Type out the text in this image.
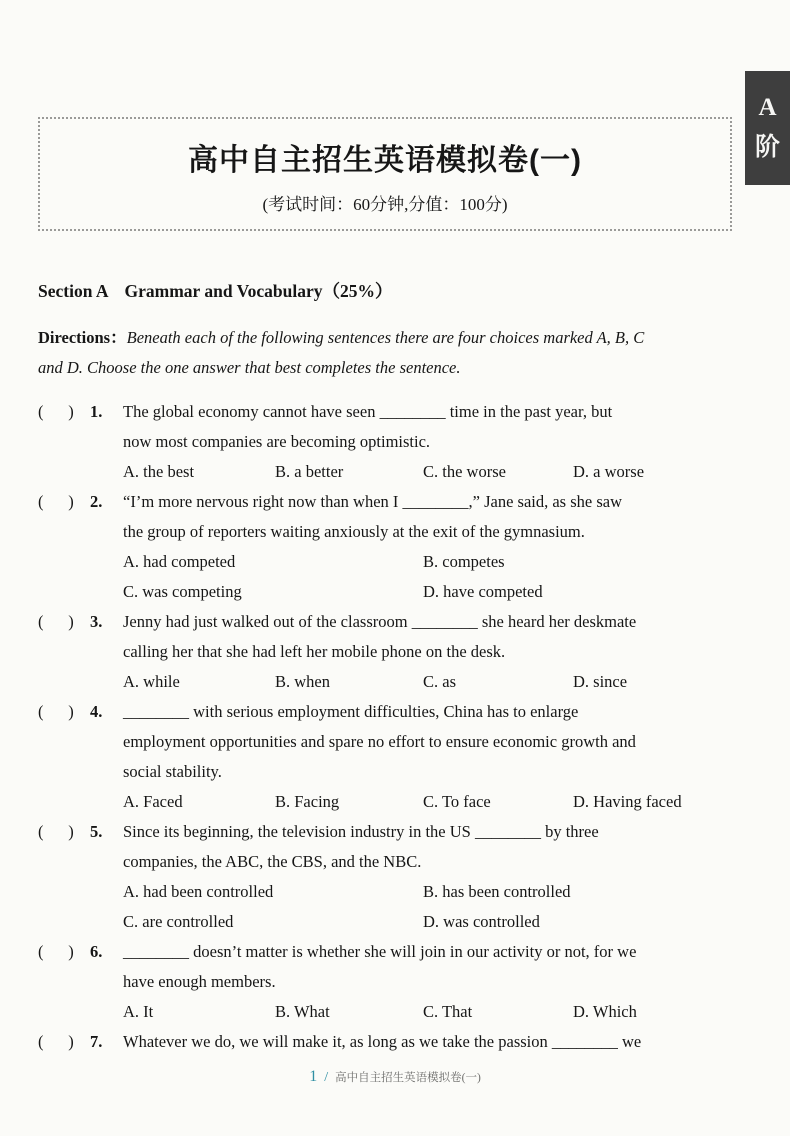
A
阶
高中自主招生英语模拟卷(一)
(考试时间：60分钟,分值：100分)
Section A Grammar and Vocabulary（25%）
Directions：Beneath each of the following sentences there are four choices marked A, B, C
and D. Choose the one answer that best completes the sentence.
(      ) 1.	The global economy cannot have seen ________ time in the past year, but
now most companies are becoming optimistic.
A. the best	B. a better	C. the worse	D. a worse
(      ) 2.	“I’m more nervous right now than when I ________,” Jane said, as she saw
the group of reporters waiting anxiously at the exit of the gymnasium.
A. had competed	B. competes
C. was competing	D. have competed
(      ) 3.	Jenny had just walked out of the classroom ________ she heard her deskmate
calling her that she had left her mobile phone on the desk.
A. while	B. when	C. as	D. since
(      ) 4.	________ with serious employment difficulties, China has to enlarge
employment opportunities and spare no effort to ensure economic growth and
social stability.
A. Faced	B. Facing	C. To face	D. Having faced
(      ) 5.	Since its beginning, the television industry in the US ________ by three
companies, the ABC, the CBS, and the NBC.
A. had been controlled	B. has been controlled
C. are controlled	D. was controlled
(      ) 6.	________ doesn’t matter is whether she will join in our activity or not, for we
have enough members.
A. It	B. What	C. That	D. Which
(      ) 7.	Whatever we do, we will make it, as long as we take the passion ________ we
1 / 高中自主招生英语模拟卷(一)
